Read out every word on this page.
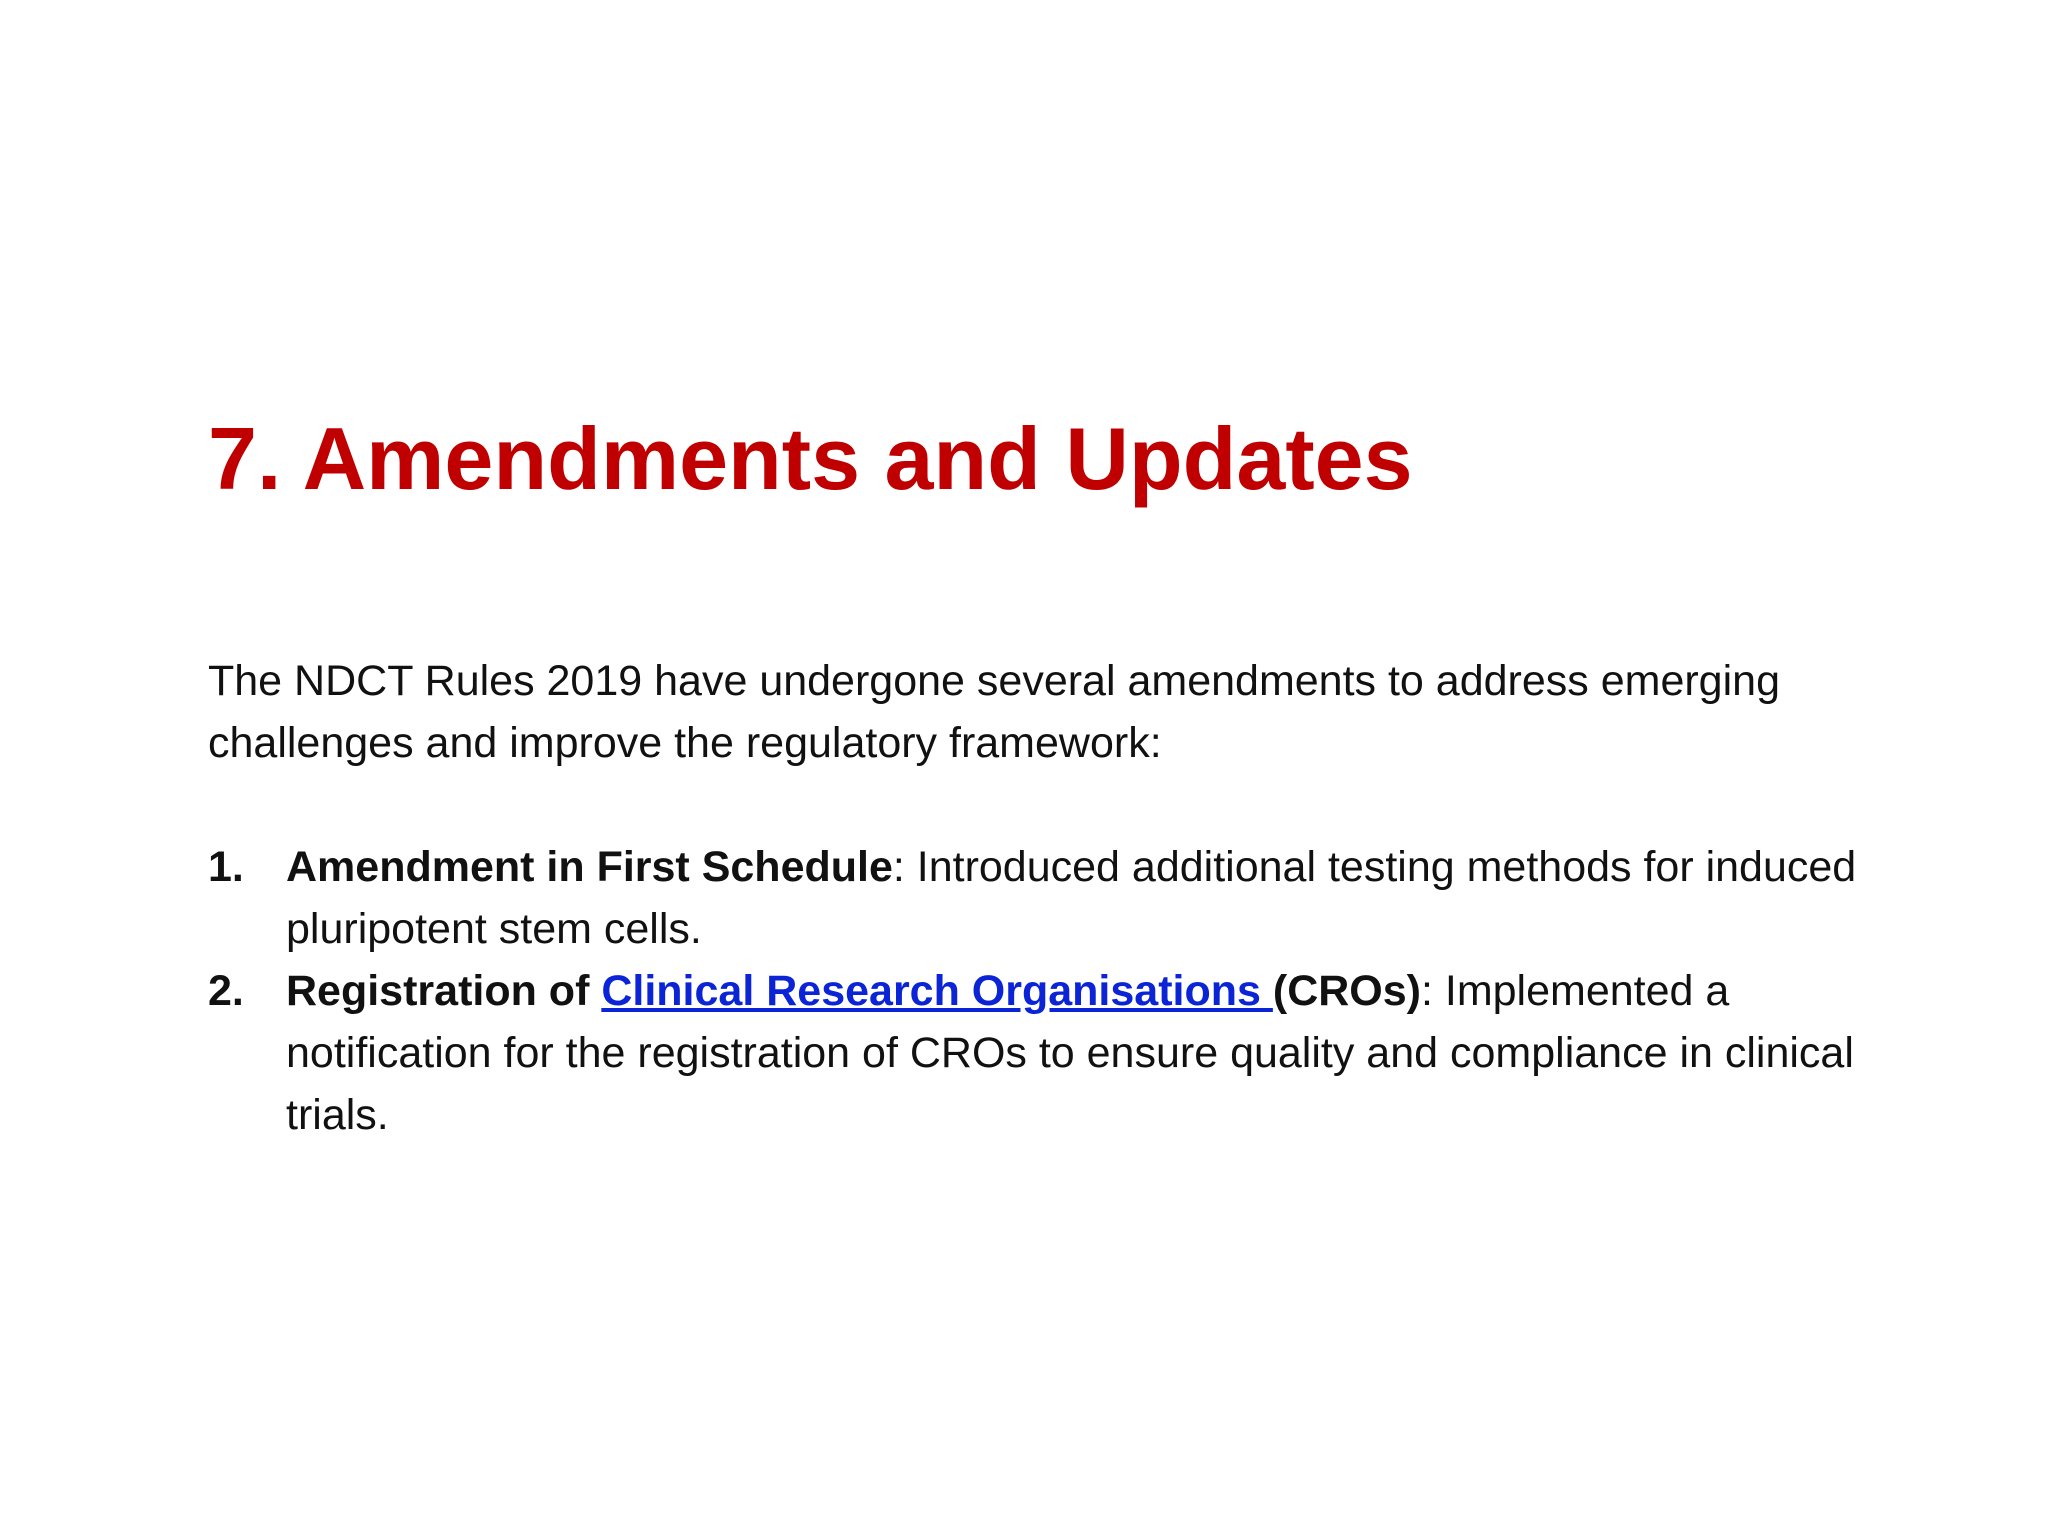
7. Amendments and Updates

The NDCT Rules 2019 have undergone several amendments to address emerging challenges and improve the regulatory framework:

1. Amendment in First Schedule: Introduced additional testing methods for induced pluripotent stem cells.
2. Registration of Clinical Research Organisations (CROs): Implemented a notification for the registration of CROs to ensure quality and compliance in clinical trials.
